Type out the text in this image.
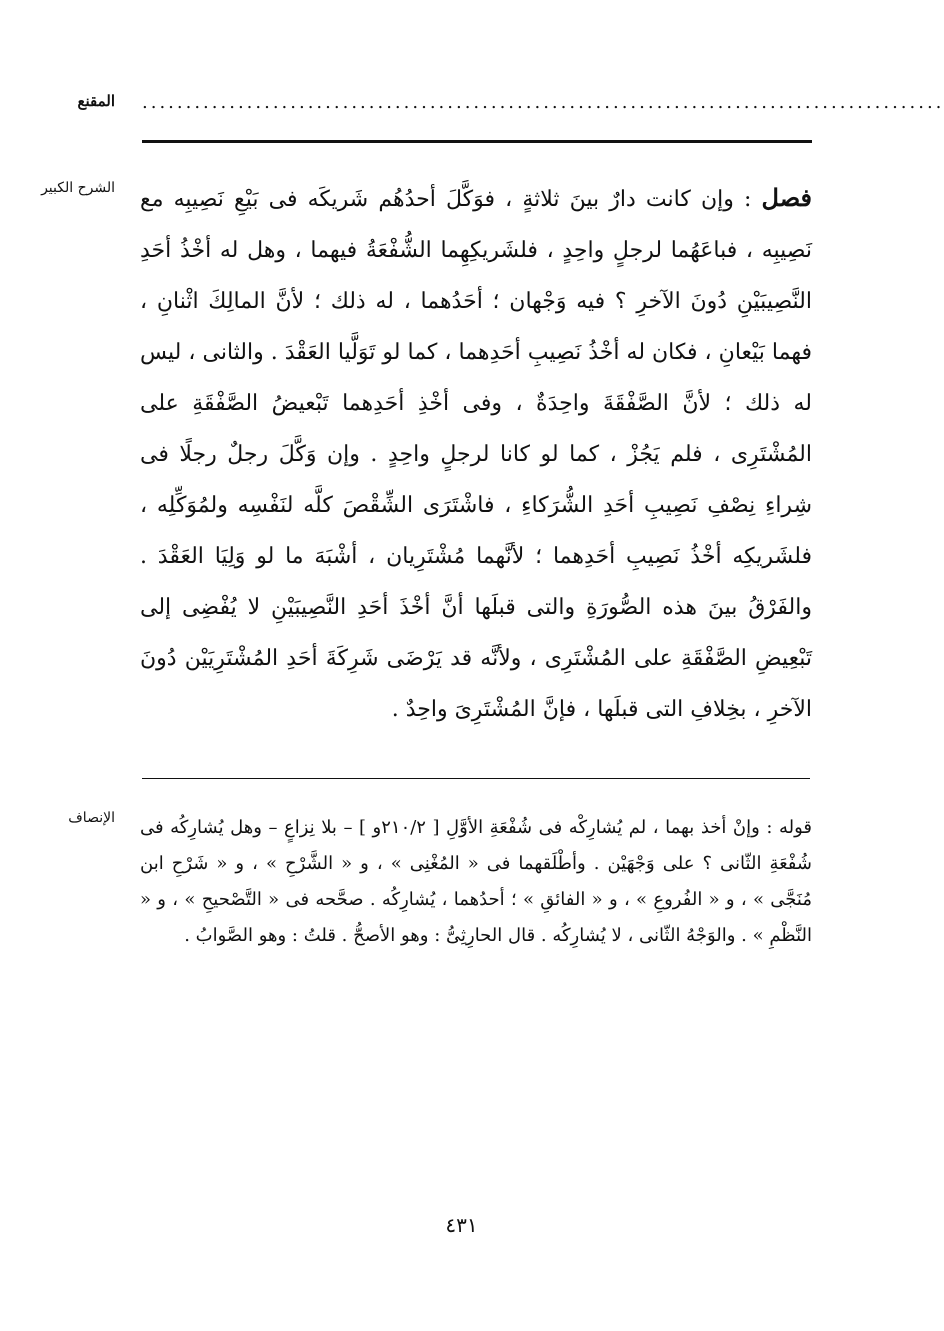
المقنع ............................................................................................
الشرح الكبير	فصل : وإن كانت دارٌ بينَ ثلاثةٍ ، فوَكَّلَ أحدُهُم شَريكَه فى بَيْعِ نَصِيبِه مع نَصِيبِه ، فباعَهُما لرجلٍ واحِدٍ ، فلشَريكِهِما الشُّفْعَةُ فيهما ، وهل له أخْذُ أحَدِ النَّصِيبَيْنِ دُونَ الآخرِ ؟ فيه وَجْهان ؛ أحَدُهما ، له ذلك ؛ لأنَّ المالِكَ اثْنانِ ، فهما بَيْعانِ ، فكان له أخْذُ نَصِيبِ أحَدِهما ، كما لو تَوَلَّيا العَقْدَ . والثانى ، ليس له ذلك ؛ لأنَّ الصَّفْقَةَ واحِدَةٌ ، وفى أخْذِ أحَدِهما تَبْعيضُ الصَّفْقَةِ على المُشْتَرِى ، فلم يَجُزْ ، كما لو كانا لرجلٍ واحِدٍ . وإن وَكَّلَ رجلٌ رجلًا فى شِراءِ نِصْفِ نَصِيبِ أحَدِ الشُّرَكاءِ ، فاشْتَرَى الشِّقْصَ كلَّه لنَفْسِه ولمُوَكِّلِه ، فلشَريكِه أخْذُ نَصِيبِ أحَدِهما ؛ لأنَّهما مُشْتَرِيان ، أشْبَهَ ما لو وَلِيَا العَقْدَ . والفَرْقُ بينَ هذه الصُّورَةِ والتى قبلَها أنَّ أخْذَ أحَدِ النَّصِيبَيْنِ لا يُفْضِى إلى تَبْعِيضِ الصَّفْقَةِ على المُشْتَرِى ، ولأنَّه قد يَرْضَى شَرِكَةَ أحَدِ المُشْتَرِيَيْن دُونَ الآخرِ ، بخِلافِ التى قبلَها ، فإنَّ المُشْتَرِىَ واحِدٌ .
الإنصاف قوله : وإنْ أخذ بهما ، لم يُشارِكْه فى شُفْعَةِ الأوَّلِ [ ٢١٠/٢و ] – بلا نِزاعٍ – وهل يُشارِكُه فى شُفْعَةِ الثّانى ؟ على وَجْهَيْن . وأطْلَقهما فى « المُغْنِى » ، و « الشَّرْحِ » ، و « شَرْحِ ابن مُنَجَّى » ، و « الفُروعِ » ، و « الفائقِ » ؛ أحدُهما ، يُشارِكُه . صحَّحه فى « التَّصْحيحِ » ، و « النَّظْمِ » . والوَجْهُ الثّانى ، لا يُشارِكُه . قال الحارِثِىُّ : وهو الأصحُّ . قلتُ : وهو الصَّوابُ .
٤٣١
